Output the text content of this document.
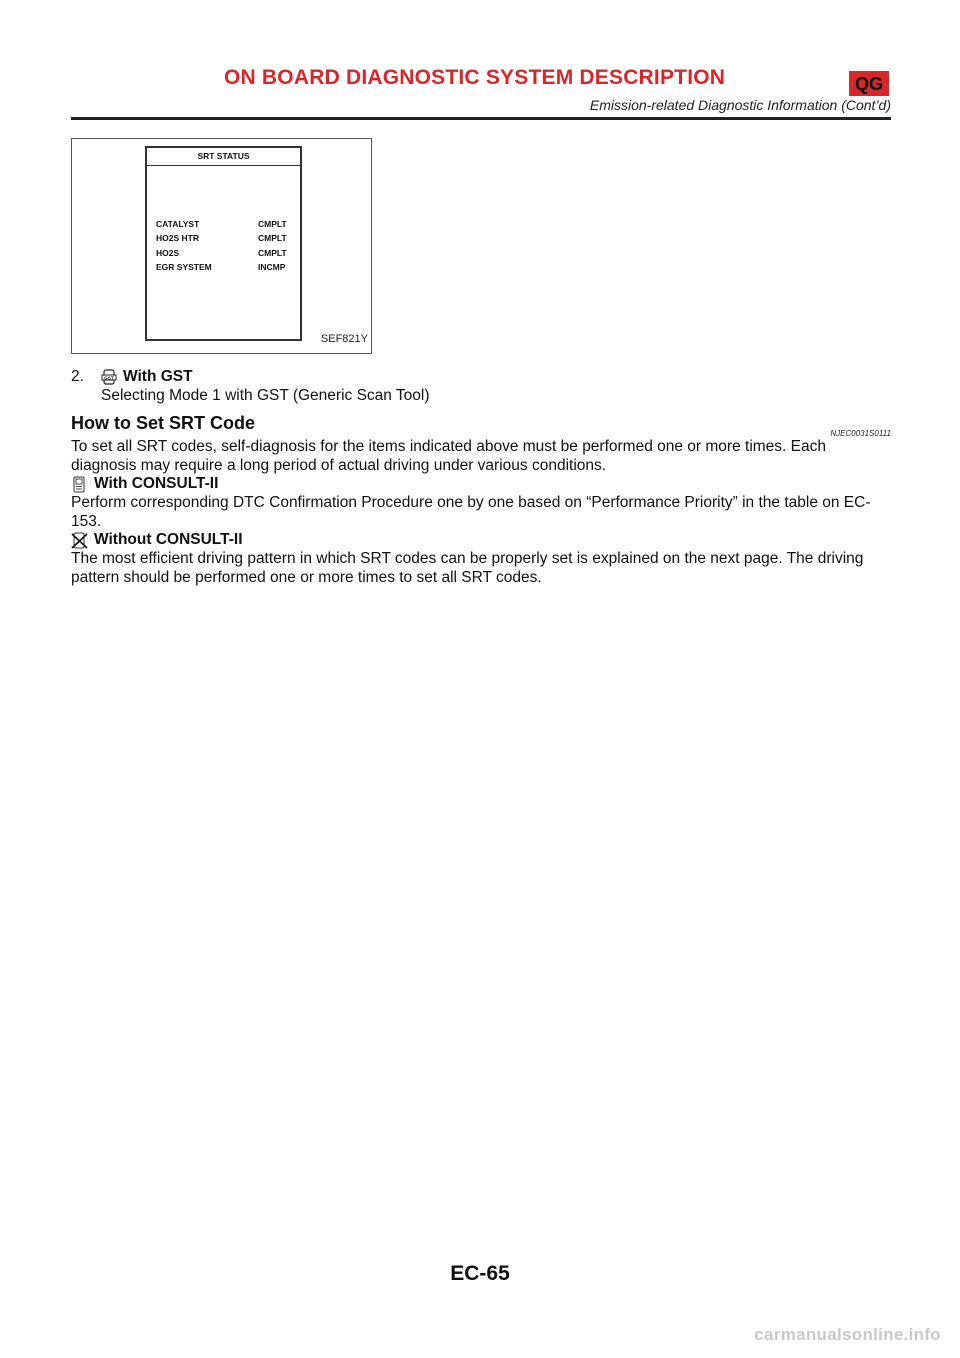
ON BOARD DIAGNOSTIC SYSTEM DESCRIPTION	QG
Emission-related Diagnostic Information (Cont’d)
SRT STATUS
CATALYST	CMPLT
HO2S HTR	CMPLT
HO2S	CMPLT
EGR SYSTEM	INCMP
SEF821Y
2.	GST With GST
Selecting Mode 1 with GST (Generic Scan Tool)
How to Set SRT Code
NJEC0031S0111

To set all SRT codes, self-diagnosis for the items indicated above must be performed one or more times. Each diagnosis may require a long period of actual driving under various conditions.

With CONSULT-II

Perform corresponding DTC Confirmation Procedure one by one based on “Performance Priority” in the table on EC-153.

Without CONSULT-II

The most efficient driving pattern in which SRT codes can be properly set is explained on the next page. The driving pattern should be performed one or more times to set all SRT codes.

EC-65
carmanualsonline.info
